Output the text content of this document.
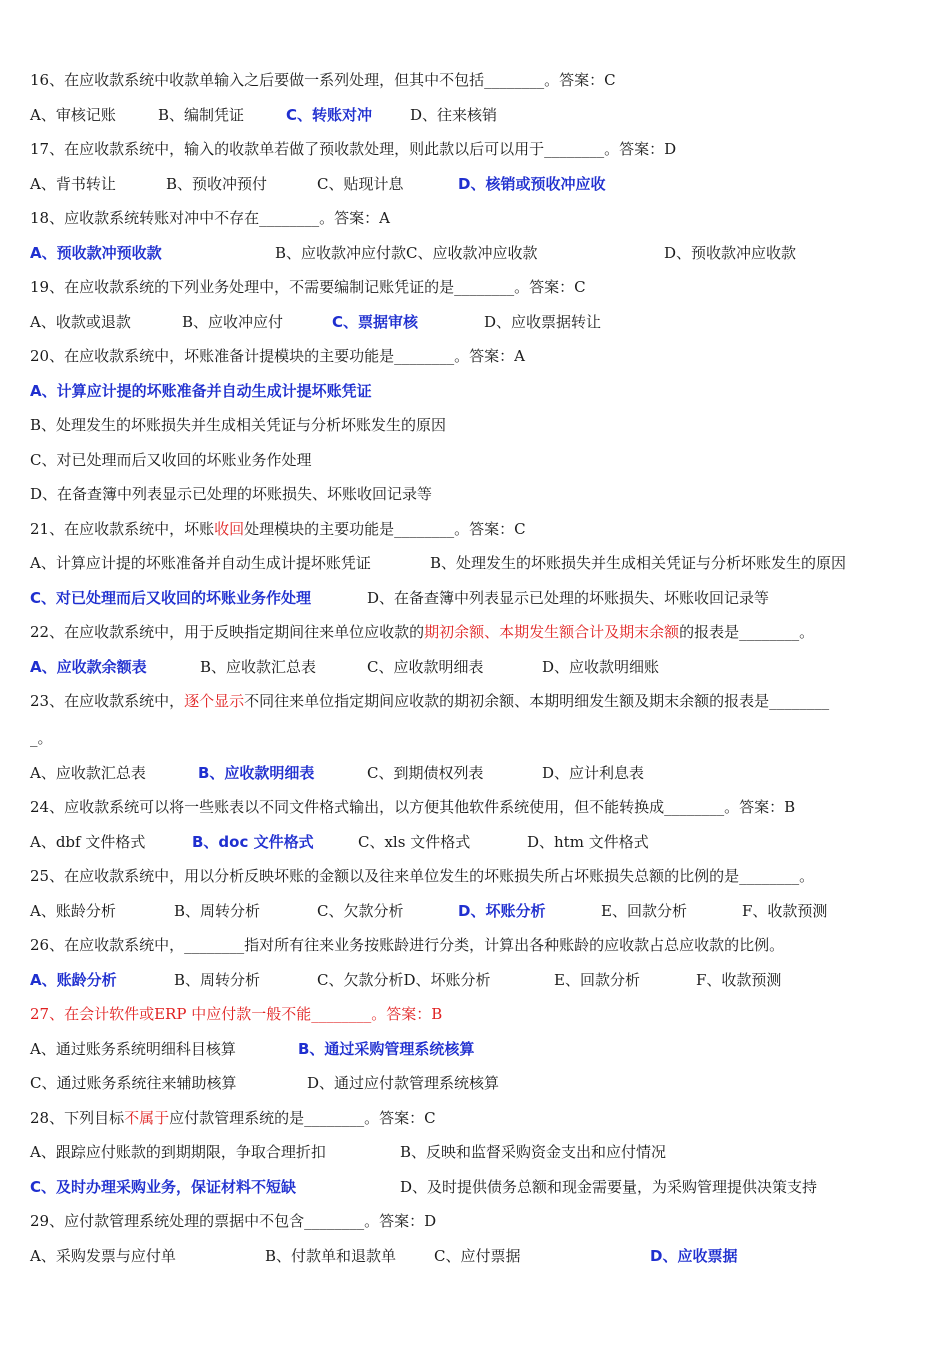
16、在应收款系统中收款单输入之后要做一系列处理，但其中不包括________。答案：C

A、审核记账

	B、编制凭证

	C、转账对冲

	D、往来核销

17、在应收款系统中，输入的收款单若做了预收款处理，则此款以后可以用于________。答案：D

A、背书转让

	B、预收冲预付

	C、贴现计息

	D、核销或预收冲应收

18、应收款系统转账对冲中不存在________。答案：A

A、预收款冲预收款

	B、应收款冲应付款C、应收款冲应收款

	D、预收款冲应收款

19、在应收款系统的下列业务处理中，不需要编制记账凭证的是________。答案：C

A、收款或退款

	B、应收冲应付

	C、票据审核

	D、应收票据转让

20、在应收款系统中，坏账准备计提模块的主要功能是________。答案：A
A、计算应计提的坏账准备并自动生成计提坏账凭证
B、处理发生的坏账损失并生成相关凭证与分析坏账发生的原因
C、对已处理而后又收回的坏账业务作处理
D、在备查簿中列表显示已处理的坏账损失、坏账收回记录等
21、在应收款系统中，坏账收回处理模块的主要功能是________。答案：C

A、计算应计提的坏账准备并自动生成计提坏账凭证

	B、处理发生的坏账损失并生成相关凭证与分析坏账发生的原因

C、对已处理而后又收回的坏账业务作处理

	D、在备查簿中列表显示已处理的坏账损失、坏账收回记录等

22、在应收款系统中，用于反映指定期间往来单位应收款的期初余额、本期发生额合计及期末余额的报表是________。

A、应收款余额表

	B、应收款汇总表

	C、应收款明细表

	D、应收款明细账

23、在应收款系统中，逐个显示不同往来单位指定期间应收款的期初余额、本期明细发生额及期末余额的报表是________
_。

A、应收款汇总表

	B、应收款明细表

	C、到期债权列表

	D、应计利息表

24、应收款系统可以将一些账表以不同文件格式输出，以方便其他软件系统使用，但不能转换成________。答案：B

A、dbf 文件格式

	B、doc 文件格式

	C、xls 文件格式

	D、htm 文件格式

25、在应收款系统中，用以分析反映坏账的金额以及往来单位发生的坏账损失所占坏账损失总额的比例的是________。

A、账龄分析

	B、周转分析

	C、欠款分析

	D、坏账分析

	E、回款分析

	F、收款预测

26、在应收款系统中，________指对所有往来业务按账龄进行分类，计算出各种账龄的应收款占总应收款的比例。

A、账龄分析

	B、周转分析

	C、欠款分析D、坏账分析

	E、回款分析

	F、收款预测

27、在会计软件或ERP 中应付款一般不能________。答案：B

A、通过账务系统明细科目核算

	B、通过采购管理系统核算

C、通过账务系统往来辅助核算

	D、通过应付款管理系统核算

28、下列目标不属于应付款管理系统的是________。答案：C

A、跟踪应付账款的到期期限，争取合理折扣

	B、反映和监督采购资金支出和应付情况

C、及时办理采购业务，保证材料不短缺

	D、及时提供债务总额和现金需要量，为采购管理提供决策支持

29、应付款管理系统处理的票据中不包含________。答案：D

A、采购发票与应付单

	B、付款单和退款单

	C、应付票据

	D、应收票据
